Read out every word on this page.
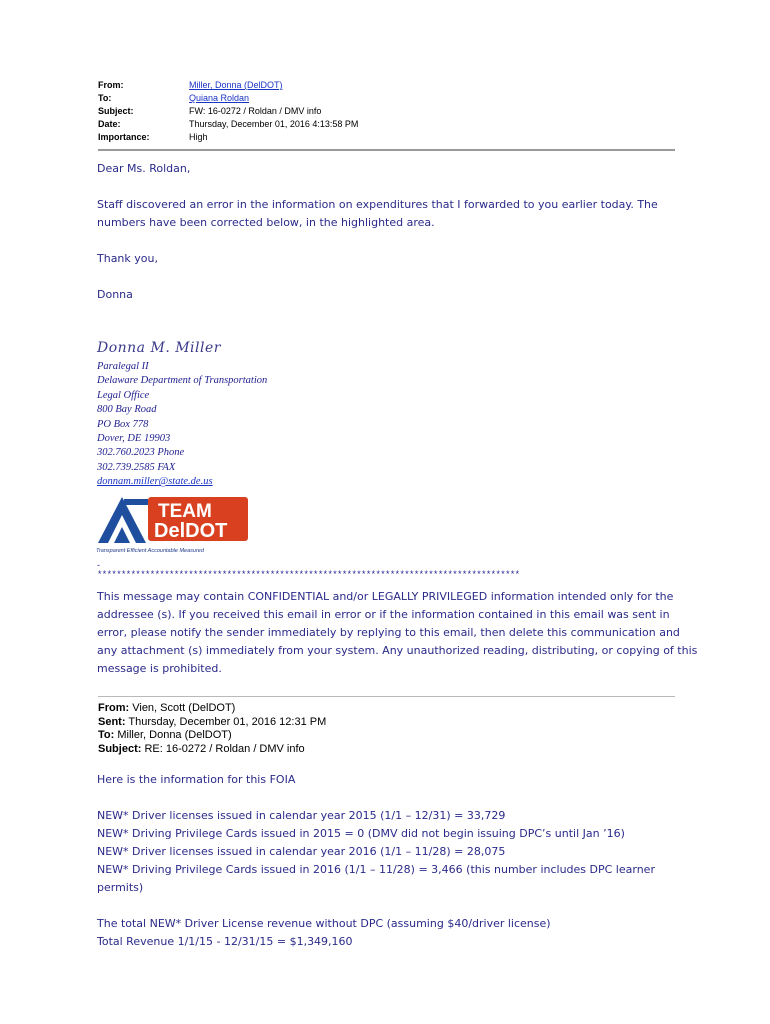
From:	Miller, Donna (DelDOT)
To:	Quiana Roldan
Subject:	FW: 16-0272 / Roldan / DMV info
Date:	Thursday, December 01, 2016 4:13:58 PM
Importance:	High

Dear Ms. Roldan,

Staff discovered an error in the information on expenditures that I forwarded to you earlier today. The

numbers have been corrected below, in the highlighted area.

Thank you,

Donna

Donna M. Miller
Paralegal II
Delaware Department of Transportation
Legal Office
800 Bay Road
PO Box 778
Dover, DE 19903
302.760.2023 Phone
302.739.2585 FAX
donnam.miller@state.de.us
TEAM
DelDOT
Transparent Efficient Accountable Measured
-
****************************************************************************************

This message may contain CONFIDENTIAL and/or LEGALLY PRIVILEGED information intended only for the

addressee (s). If you received this email in error or if the information contained in this email was sent in

error, please notify the sender immediately by replying to this email, then delete this communication and

any attachment (s) immediately from your system. Any unauthorized reading, distributing, or copying of this

message is prohibited.

From: Vien, Scott (DelDOT)
Sent: Thursday, December 01, 2016 12:31 PM
To: Miller, Donna (DelDOT)
Subject: RE: 16-0272 / Roldan / DMV info

Here is the information for this FOIA

NEW* Driver licenses issued in calendar year 2015 (1/1 – 12/31) = 33,729

NEW* Driving Privilege Cards issued in 2015 = 0 (DMV did not begin issuing DPC’s until Jan ’16)

NEW* Driver licenses issued in calendar year 2016 (1/1 – 11/28) = 28,075

NEW* Driving Privilege Cards issued in 2016 (1/1 – 11/28) = 3,466 (this number includes DPC learner

permits)

The total NEW* Driver License revenue without DPC (assuming $40/driver license)

Total Revenue 1/1/15 - 12/31/15 = $1,349,160
